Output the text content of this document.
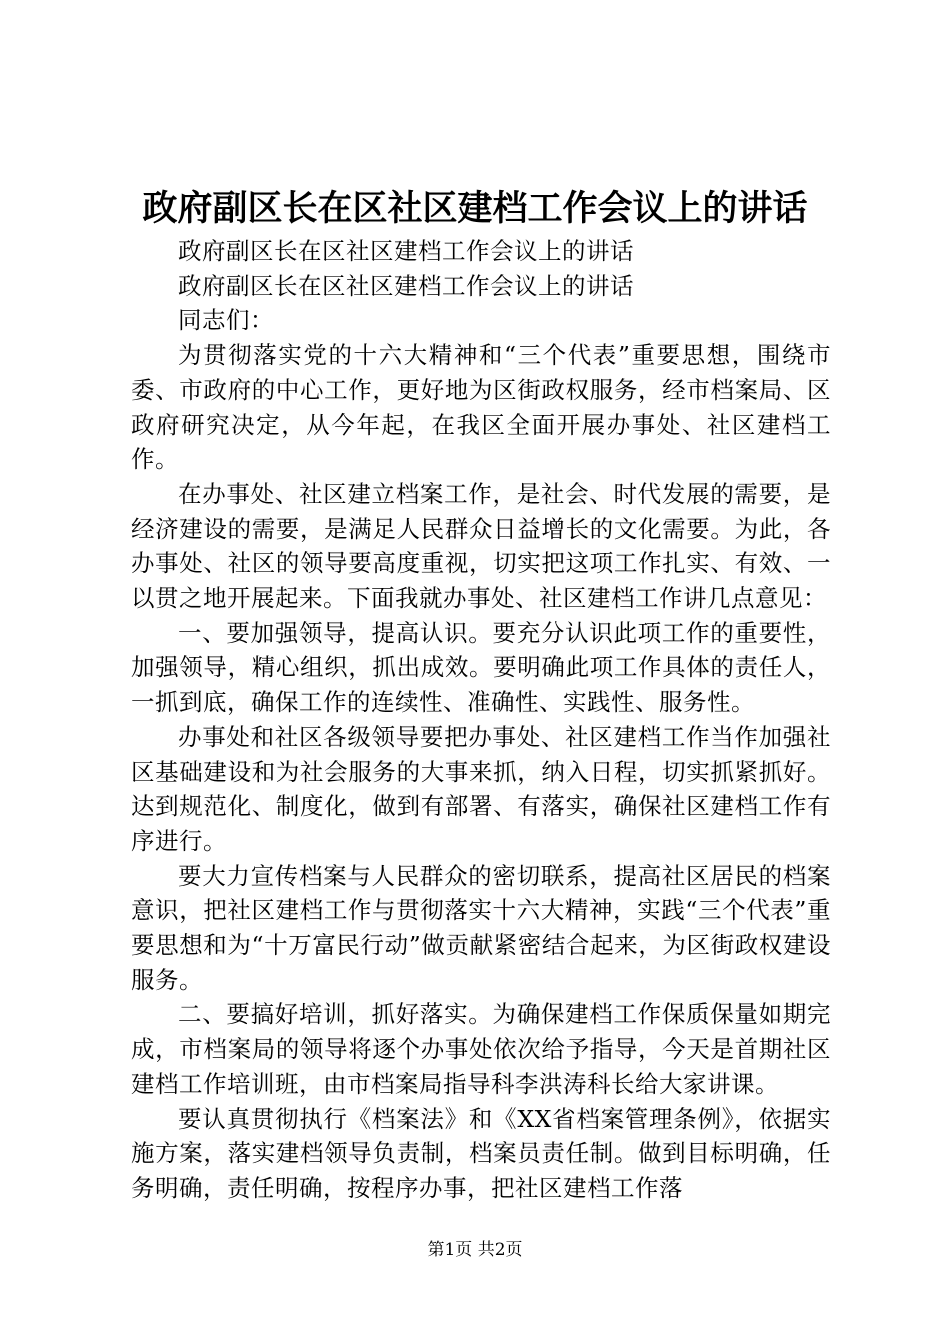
政府副区长在区社区建档工作会议上的讲话

政府副区长在区社区建档工作会议上的讲话

政府副区长在区社区建档工作会议上的讲话

同志们：

为贯彻落实党的十六大精神和“三个代表”重要思想，围绕市委、市政府的中心工作，更好地为区街政权服务，经市档案局、区政府研究决定，从今年起，在我区全面开展办事处、社区建档工作。

在办事处、社区建立档案工作，是社会、时代发展的需要，是经济建设的需要，是满足人民群众日益增长的文化需要。为此，各办事处、社区的领导要高度重视，切实把这项工作扎实、有效、一以贯之地开展起来。下面我就办事处、社区建档工作讲几点意见：

一、要加强领导，提高认识。要充分认识此项工作的重要性，加强领导，精心组织，抓出成效。要明确此项工作具体的责任人，一抓到底，确保工作的连续性、准确性、实践性、服务性。

办事处和社区各级领导要把办事处、社区建档工作当作加强社区基础建设和为社会服务的大事来抓，纳入日程，切实抓紧抓好。达到规范化、制度化，做到有部署、有落实，确保社区建档工作有序进行。

要大力宣传档案与人民群众的密切联系，提高社区居民的档案意识，把社区建档工作与贯彻落实十六大精神，实践“三个代表”重要思想和为“十万富民行动”做贡献紧密结合起来，为区街政权建设服务。

二、要搞好培训，抓好落实。为确保建档工作保质保量如期完成，市档案局的领导将逐个办事处依次给予指导，今天是首期社区建档工作培训班，由市档案局指导科李洪涛科长给大家讲课。

要认真贯彻执行《档案法》和《XX省档案管理条例》，依据实施方案，落实建档领导负责制，档案员责任制。做到目标明确，任务明确，责任明确，按程序办事，把社区建档工作落

第1页 共2页
